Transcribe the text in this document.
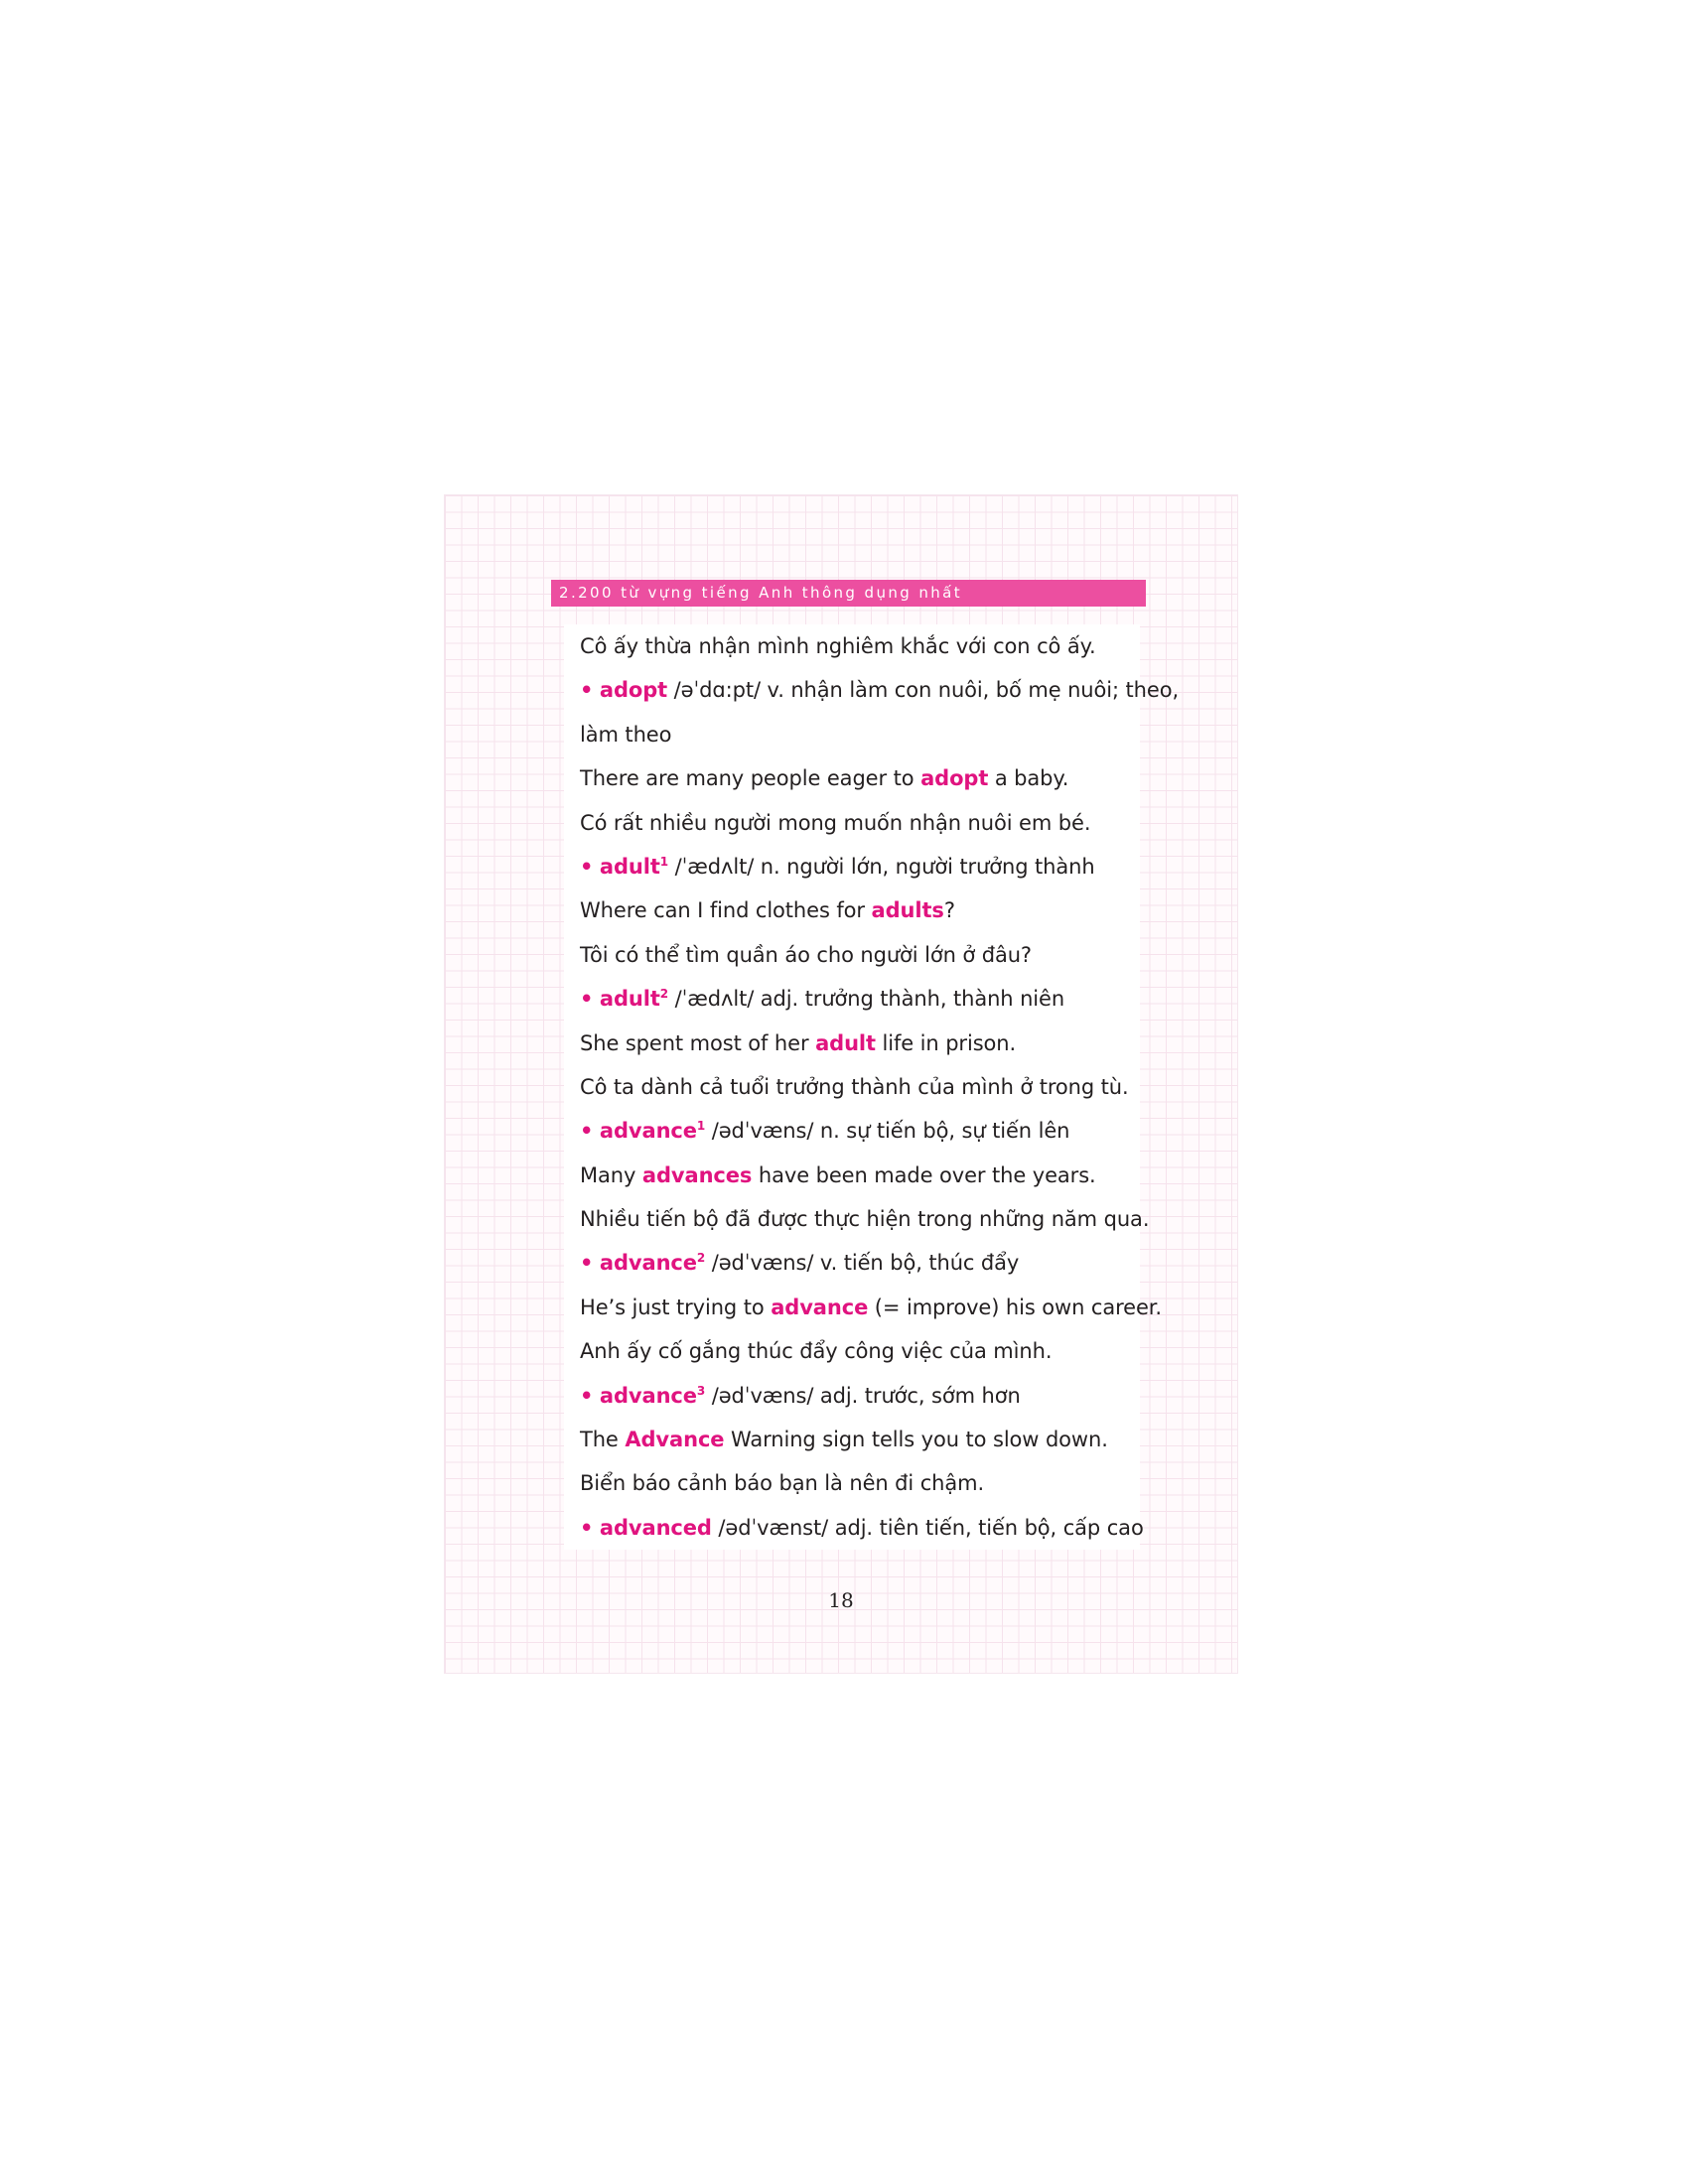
2.200 từ vựng tiếng Anh thông dụng nhất
Cô ấy thừa nhận mình nghiêm khắc với con cô ấy.
• adopt /əˈdɑ:pt/ v. nhận làm con nuôi, bố mẹ nuôi; theo,
làm theo
There are many people eager to adopt a baby.
Có rất nhiều người mong muốn nhận nuôi em bé.
• adult$^1$ /ˈædʌlt/ n. người lớn, người trưởng thành
Where can I find clothes for adults?
Tôi có thể tìm quần áo cho người lớn ở đâu?
• adult$^2$ /ˈædʌlt/ adj. trưởng thành, thành niên
She spent most of her adult life in prison.
Cô ta dành cả tuổi trưởng thành của mình ở trong tù.
• advance$^1$ /ədˈvæns/ n. sự tiến bộ, sự tiến lên
Many advances have been made over the years.
Nhiều tiến bộ đã được thực hiện trong những năm qua.
• advance$^2$ /ədˈvæns/ v. tiến bộ, thúc đẩy
He’s just trying to advance (= improve) his own career.
Anh ấy cố gắng thúc đẩy công việc của mình.
• advance$^3$ /ədˈvæns/ adj. trước, sớm hơn
The Advance Warning sign tells you to slow down.
Biển báo cảnh báo bạn là nên đi chậm.
• advanced /ədˈvænst/ adj. tiên tiến, tiến bộ, cấp cao
18
